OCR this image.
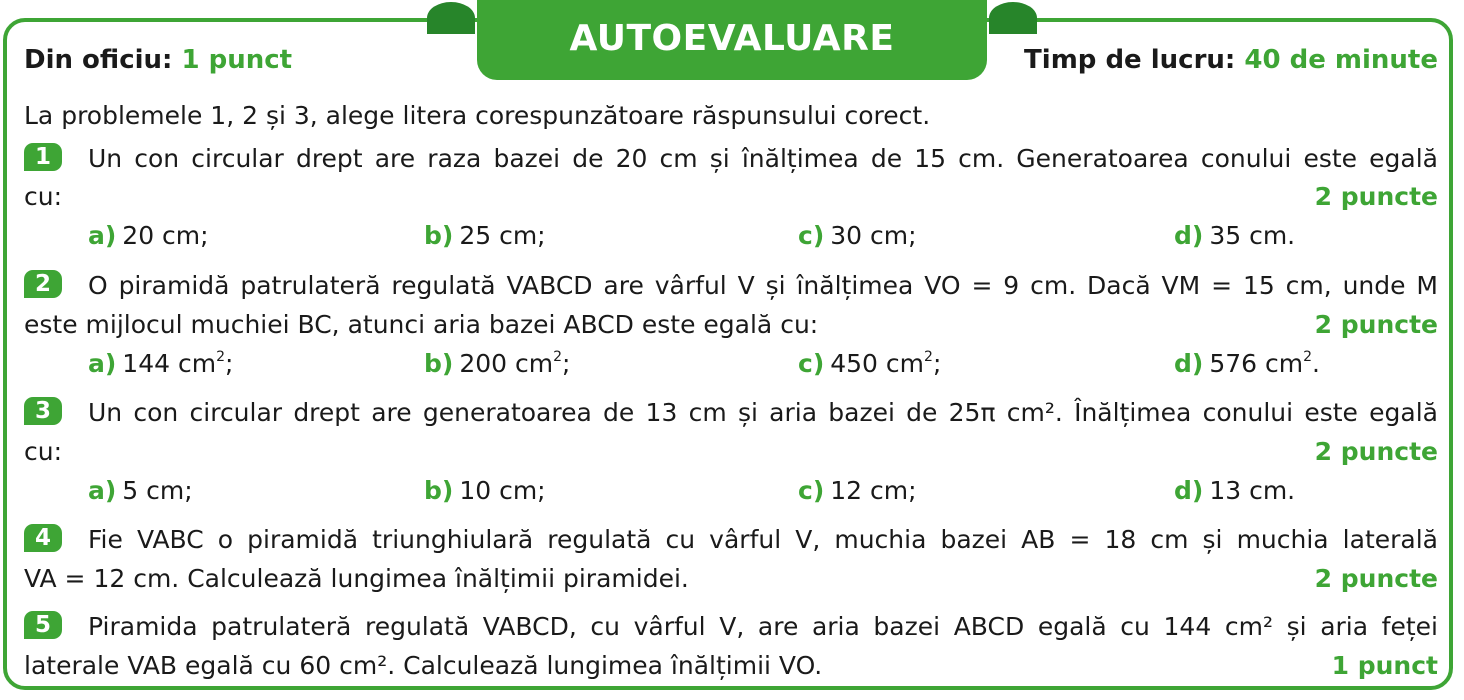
AUTOEVALUARE
Din oficiu: 1 punct	Timp de lucru: 40 de minute
La problemele 1, 2 și 3, alege litera corespunzătoare răspunsului corect.
1	Un con circular drept are raza bazei de 20 cm și înălțimea de 15 cm. Generatoarea conului este egală
cu:	2 puncte
a) 20 cm;	b) 25 cm;	c) 30 cm;	d) 35 cm.
2	O piramidă patrulateră regulată VABCD are vârful V și înălțimea VO = 9 cm. Dacă VM = 15 cm, unde M
este mijlocul muchiei BC, atunci aria bazei ABCD este egală cu:	2 puncte
a) 144 $cm^2$;	b) 200 $cm^2$;	c) 450 $cm^2$;	d) 576 $cm^2$.
3	Un con circular drept are generatoarea de 13 cm și aria bazei de 25π cm². Înălțimea conului este egală
cu:	2 puncte
a) 5 cm;	b) 10 cm;	c) 12 cm;	d) 13 cm.
4	Fie VABC o piramidă triunghiulară regulată cu vârful V, muchia bazei AB = 18 cm și muchia laterală
VA = 12 cm. Calculează lungimea înălțimii piramidei.	2 puncte
5	Piramida patrulateră regulată VABCD, cu vârful V, are aria bazei ABCD egală cu 144 cm² și aria feței
laterale VAB egală cu 60 cm². Calculează lungimea înălțimii VO.	1 punct
